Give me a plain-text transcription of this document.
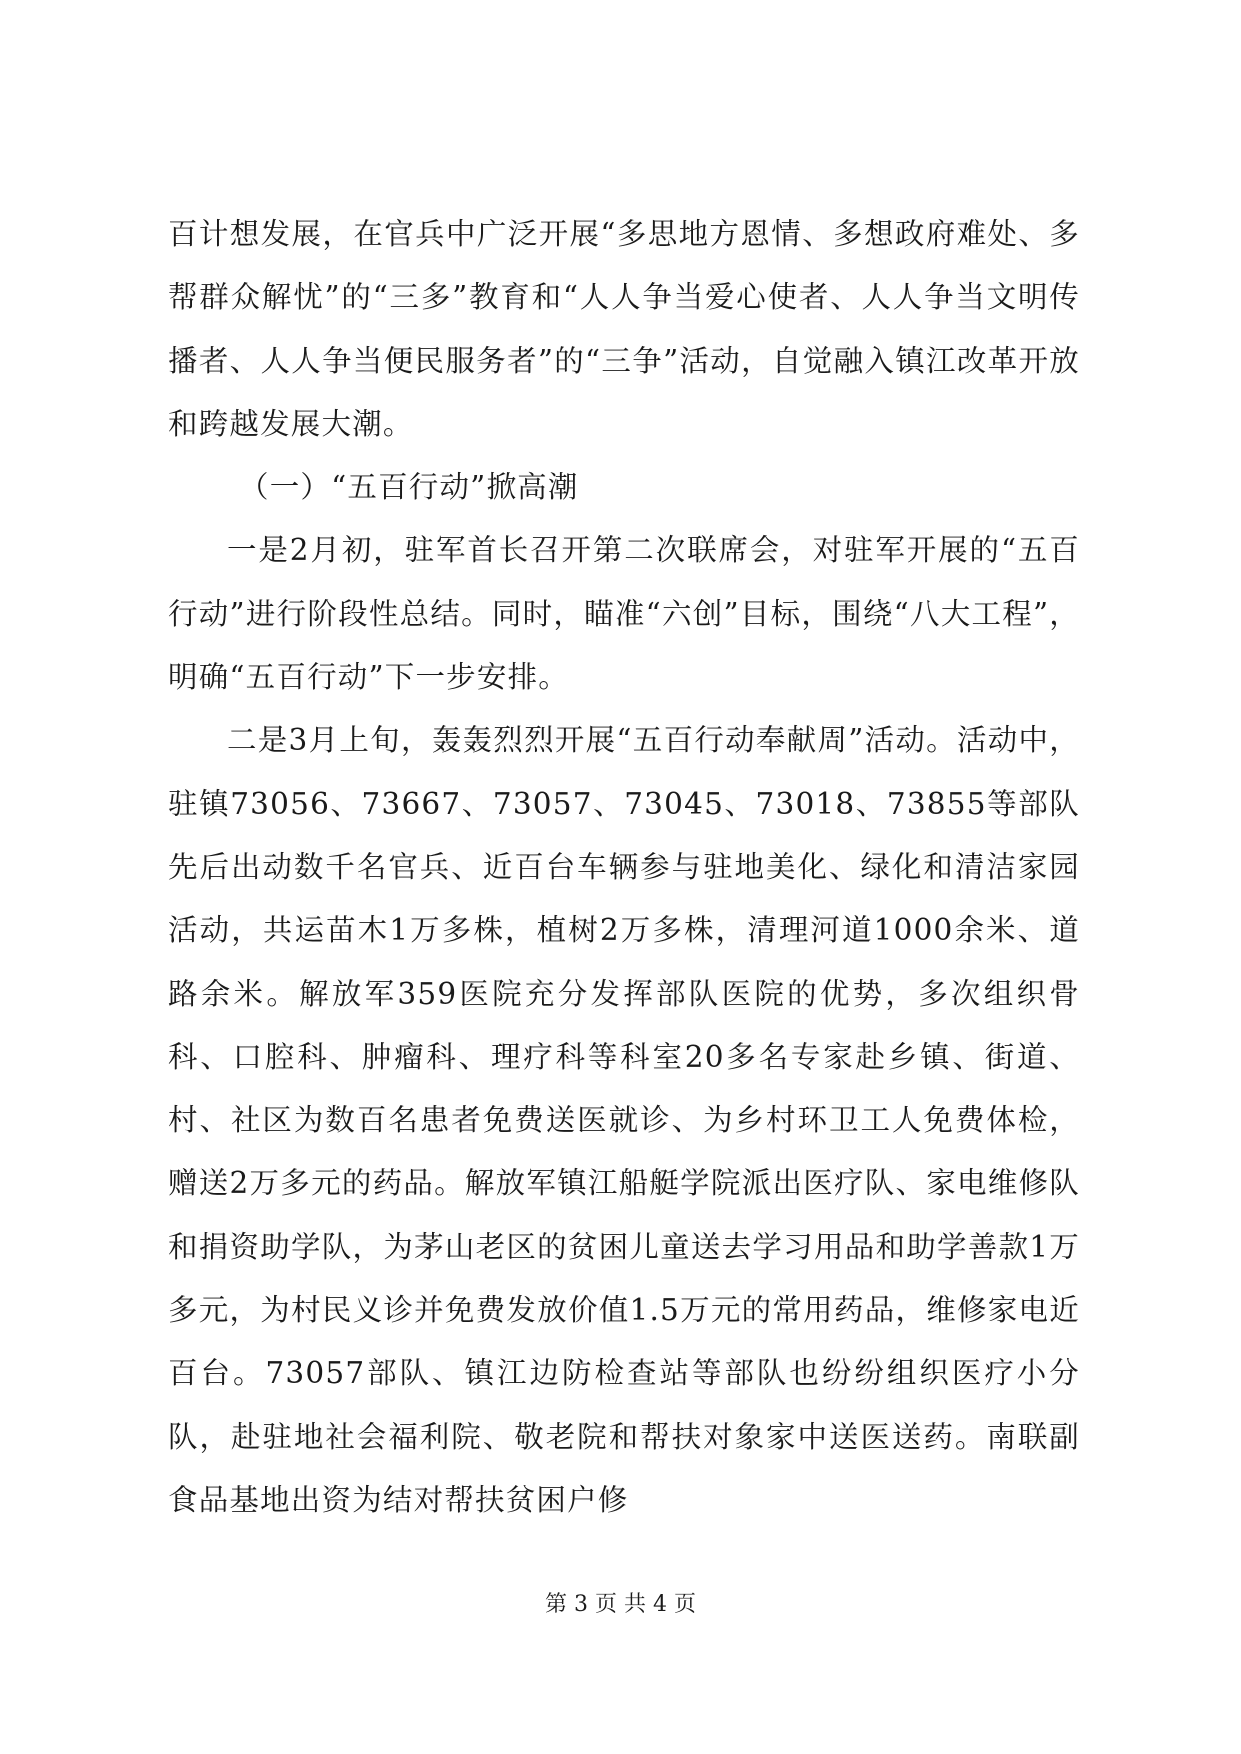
百计想发展，在官兵中广泛开展“多思地方恩情、多想政府难处、多帮群众解忧”的“三多”教育和“人人争当爱心使者、人人争当文明传播者、人人争当便民服务者”的“三争”活动，自觉融入镇江改革开放和跨越发展大潮。

（一）“五百行动”掀高潮

一是2月初，驻军首长召开第二次联席会，对驻军开展的“五百行动”进行阶段性总结。同时，瞄准“六创”目标，围绕“八大工程”，明确“五百行动”下一步安排。

二是3月上旬，轰轰烈烈开展“五百行动奉献周”活动。活动中，驻镇73056、73667、73057、73045、73018、73855等部队先后出动数千名官兵、近百台车辆参与驻地美化、绿化和清洁家园活动，共运苗木1万多株，植树2万多株，清理河道1000余米、道路余米。解放军359医院充分发挥部队医院的优势，多次组织骨科、口腔科、肿瘤科、理疗科等科室20多名专家赴乡镇、街道、村、社区为数百名患者免费送医就诊、为乡村环卫工人免费体检，赠送2万多元的药品。解放军镇江船艇学院派出医疗队、家电维修队和捐资助学队，为茅山老区的贫困儿童送去学习用品和助学善款1万多元，为村民义诊并免费发放价值1.5万元的常用药品，维修家电近百台。73057部队、镇江边防检查站等部队也纷纷组织医疗小分队，赴驻地社会福利院、敬老院和帮扶对象家中送医送药。南联副食品基地出资为结对帮扶贫困户修

第 3 页 共 4 页
